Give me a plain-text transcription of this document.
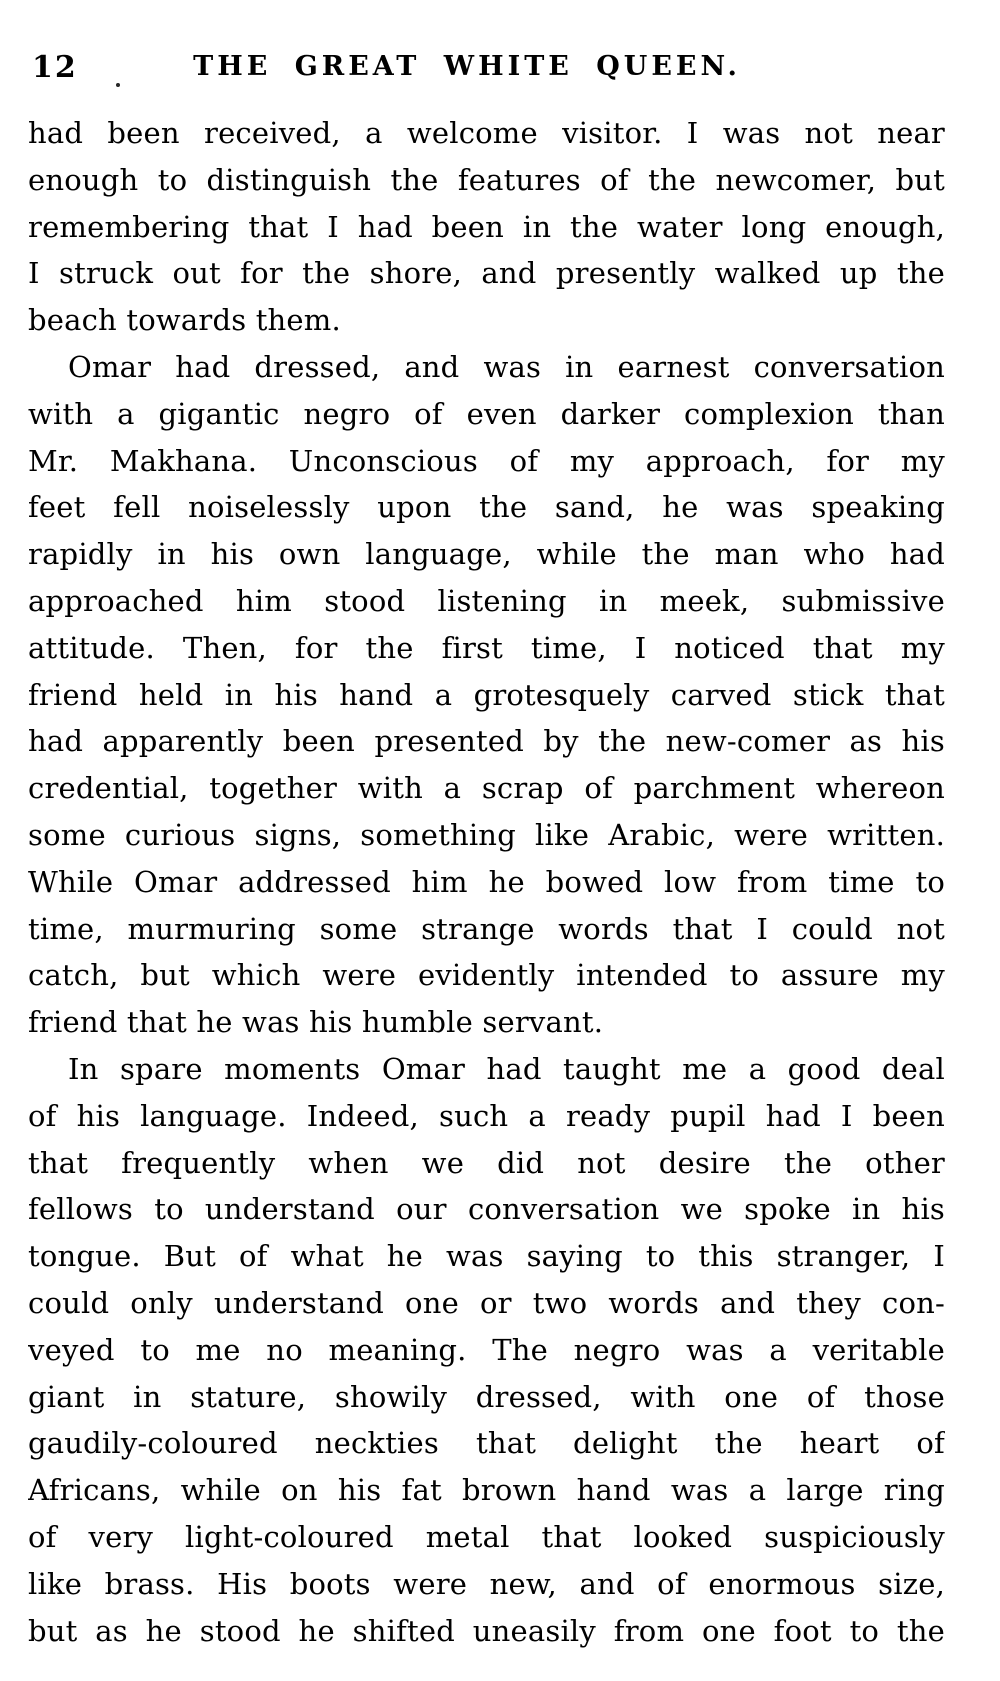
12	THE GREAT WHITE QUEEN.
had been received, a welcome visitor. I was not near
enough to distinguish the features of the newcomer, but
remembering that I had been in the water long enough,
I struck out for the shore, and presently walked up the
beach towards them.
Omar had dressed, and was in earnest conversation
with a gigantic negro of even darker complexion than
Mr. Makhana. Unconscious of my approach, for my
feet fell noiselessly upon the sand, he was speaking
rapidly in his own language, while the man who had
approached him stood listening in meek, submissive
attitude. Then, for the first time, I noticed that my
friend held in his hand a grotesquely carved stick that
had apparently been presented by the new-comer as his
credential, together with a scrap of parchment whereon
some curious signs, something like Arabic, were written.
While Omar addressed him he bowed low from time to
time, murmuring some strange words that I could not
catch, but which were evidently intended to assure my
friend that he was his humble servant.
In spare moments Omar had taught me a good deal
of his language. Indeed, such a ready pupil had I been
that frequently when we did not desire the other
fellows to understand our conversation we spoke in his
tongue. But of what he was saying to this stranger, I
could only understand one or two words and they con-
veyed to me no meaning. The negro was a veritable
giant in stature, showily dressed, with one of those
gaudily-coloured neckties that delight the heart of
Africans, while on his fat brown hand was a large ring
of very light-coloured metal that looked suspiciously
like brass. His boots were new, and of enormous size,
but as he stood he shifted uneasily from one foot to the
